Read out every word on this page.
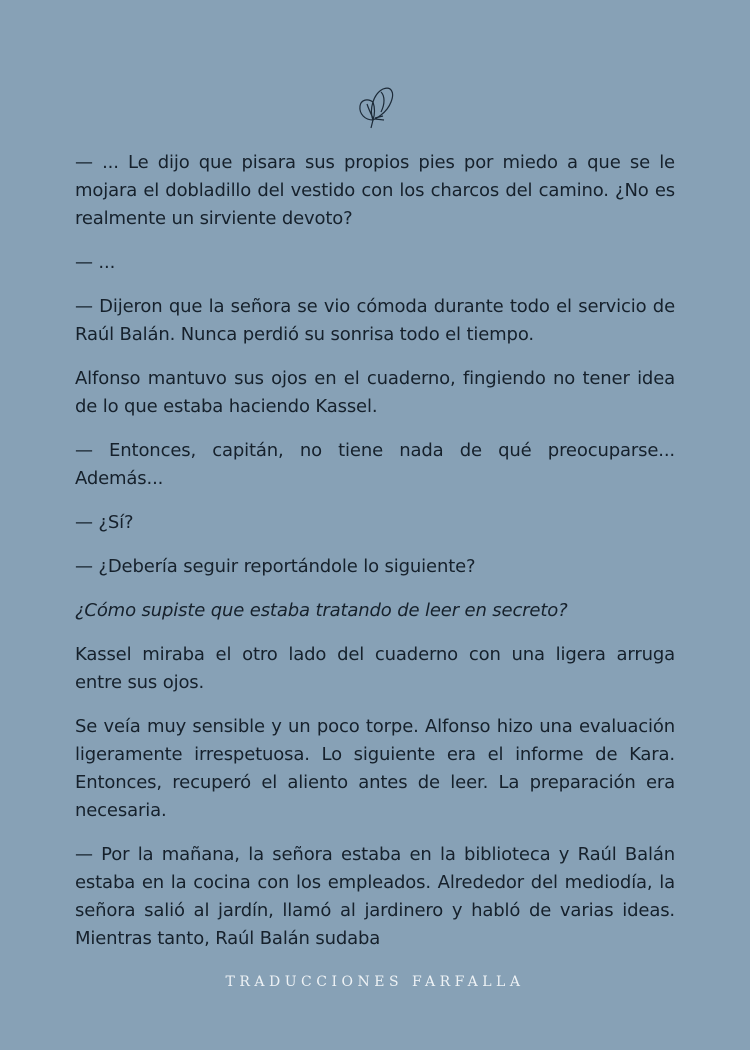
— ... Le dijo que pisara sus propios pies por miedo a que se le mojara el dobladillo del vestido con los charcos del camino. ¿No es realmente un sirviente devoto?

— ...

— Dijeron que la señora se vio cómoda durante todo el servicio de Raúl Balán. Nunca perdió su sonrisa todo el tiempo.

Alfonso mantuvo sus ojos en el cuaderno, fingiendo no tener idea de lo que estaba haciendo Kassel.

— Entonces, capitán, no tiene nada de qué preocuparse... Además...

— ¿Sí?

— ¿Debería seguir reportándole lo siguiente?

¿Cómo supiste que estaba tratando de leer en secreto?

Kassel miraba el otro lado del cuaderno con una ligera arruga entre sus ojos.

Se veía muy sensible y un poco torpe. Alfonso hizo una evaluación ligeramente irrespetuosa. Lo siguiente era el informe de Kara. Entonces, recuperó el aliento antes de leer. La preparación era necesaria.

— Por la mañana, la señora estaba en la biblioteca y Raúl Balán estaba en la cocina con los empleados. Alrededor del mediodía, la señora salió al jardín, llamó al jardinero y habló de varias ideas. Mientras tanto, Raúl Balán sudaba

TRADUCCIONES FARFALLA
